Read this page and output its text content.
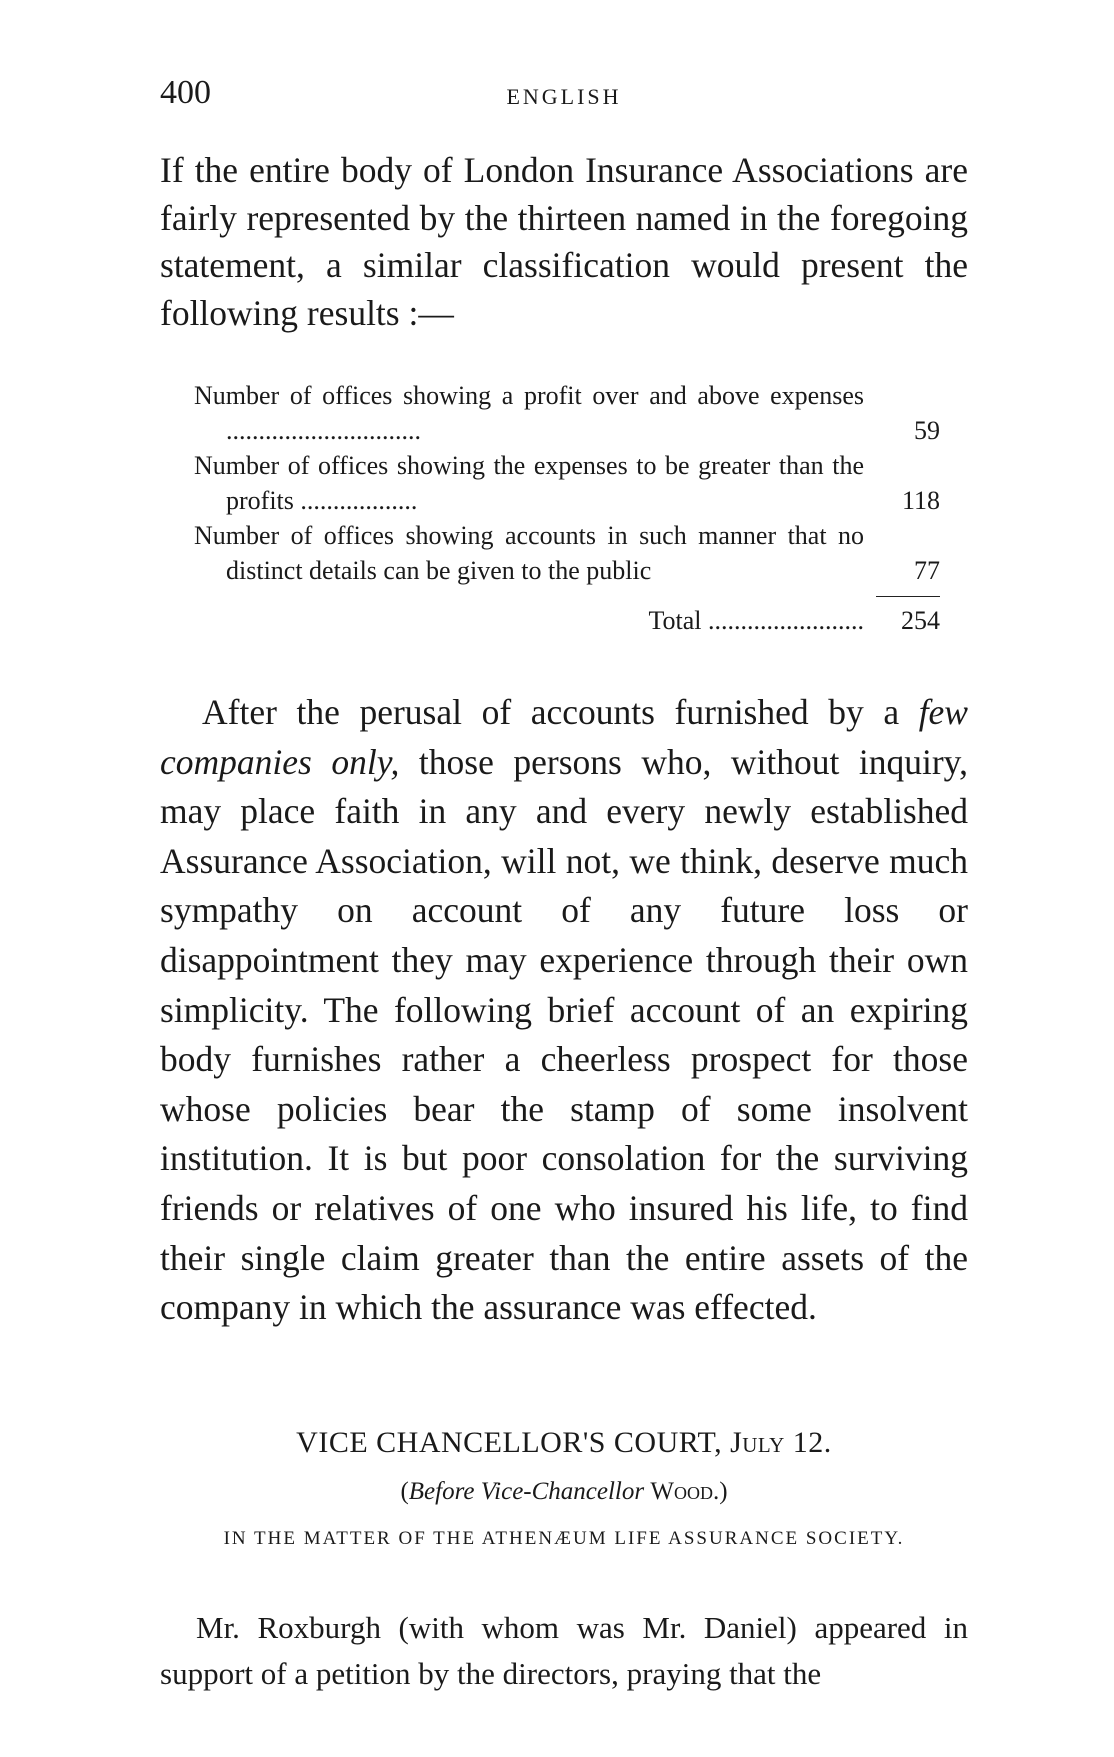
400	ENGLISH

If the entire body of London Insurance Associations are fairly represented by the thirteen named in the foregoing statement, a similar classification would present the following results :—

Number of offices showing a profit over and above expenses ..............................	59
Number of offices showing the expenses to be greater than the profits ..................	118
Number of offices showing accounts in such manner that no distinct details can be given to the public	77
Total ........................	254

After the perusal of accounts furnished by a few companies only, those persons who, without inquiry, may place faith in any and every newly established Assurance Association, will not, we think, deserve much sympathy on account of any future loss or disappointment they may experience through their own simplicity. The following brief account of an expiring body furnishes rather a cheerless prospect for those whose policies bear the stamp of some insolvent institution. It is but poor consolation for the surviving friends or relatives of one who insured his life, to find their single claim greater than the entire assets of the company in which the assurance was effected.

VICE CHANCELLOR'S COURT, July 12.
(Before Vice-Chancellor Wood.)
IN THE MATTER OF THE ATHENÆUM LIFE ASSURANCE SOCIETY.

Mr. Roxburgh (with whom was Mr. Daniel) appeared in support of a petition by the directors, praying that the
